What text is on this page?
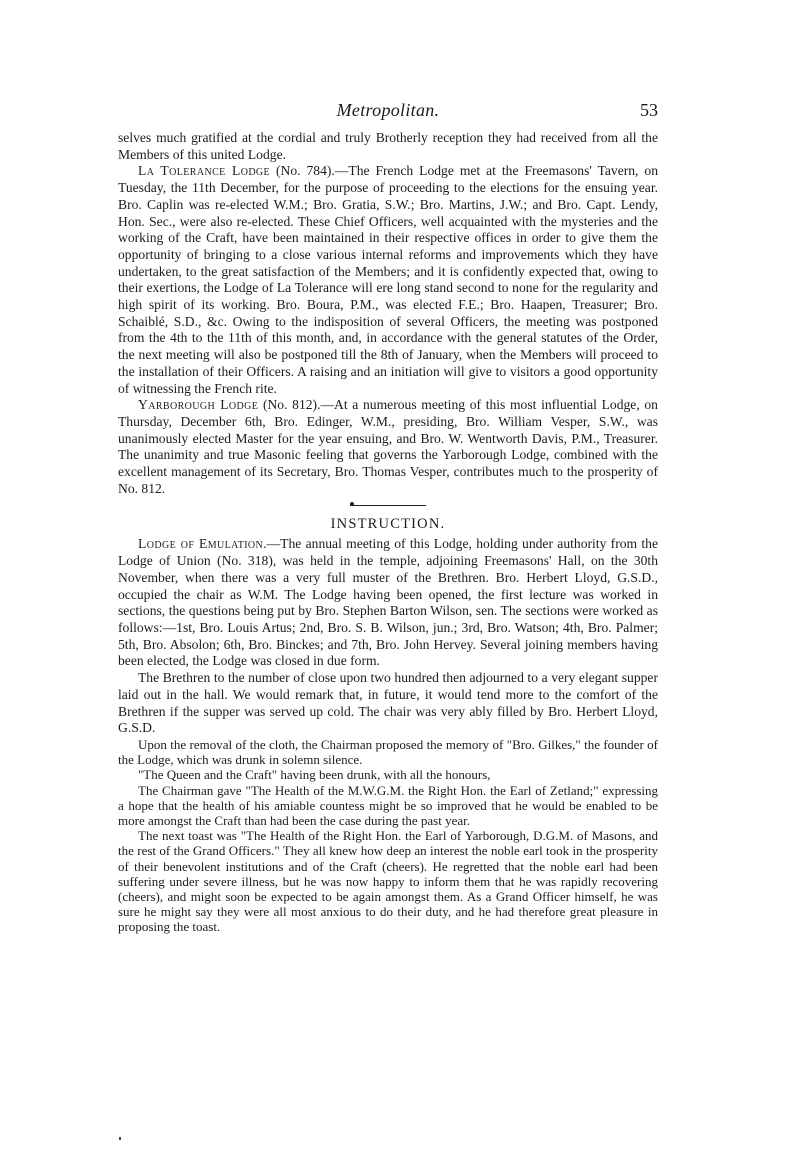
Metropolitan.	53

selves much gratified at the cordial and truly Brotherly reception they had received from all the Members of this united Lodge.

La Tolerance Lodge (No. 784).—The French Lodge met at the Freemasons' Tavern, on Tuesday, the 11th December, for the purpose of proceeding to the elections for the ensuing year. Bro. Caplin was re-elected W.M.; Bro. Gratia, S.W.; Bro. Martins, J.W.; and Bro. Capt. Lendy, Hon. Sec., were also re-elected. These Chief Officers, well acquainted with the mysteries and the working of the Craft, have been maintained in their respective offices in order to give them the opportunity of bringing to a close various internal reforms and improvements which they have undertaken, to the great satisfaction of the Members; and it is confidently expected that, owing to their exertions, the Lodge of La Tolerance will ere long stand second to none for the regularity and high spirit of its working. Bro. Boura, P.M., was elected F.E.; Bro. Haapen, Treasurer; Bro. Schaiblé, S.D., &c. Owing to the indisposition of several Officers, the meeting was postponed from the 4th to the 11th of this month, and, in accordance with the general statutes of the Order, the next meeting will also be postponed till the 8th of January, when the Members will proceed to the installation of their Officers. A raising and an initiation will give to visitors a good opportunity of witnessing the French rite.

Yarborough Lodge (No. 812).—At a numerous meeting of this most influential Lodge, on Thursday, December 6th, Bro. Edinger, W.M., presiding, Bro. William Vesper, S.W., was unanimously elected Master for the year ensuing, and Bro. W. Wentworth Davis, P.M., Treasurer. The unanimity and true Masonic feeling that governs the Yarborough Lodge, combined with the excellent management of its Secretary, Bro. Thomas Vesper, contributes much to the prosperity of No. 812.

INSTRUCTION.

Lodge of Emulation.—The annual meeting of this Lodge, holding under authority from the Lodge of Union (No. 318), was held in the temple, adjoining Freemasons' Hall, on the 30th November, when there was a very full muster of the Brethren. Bro. Herbert Lloyd, G.S.D., occupied the chair as W.M. The Lodge having been opened, the first lecture was worked in sections, the questions being put by Bro. Stephen Barton Wilson, sen. The sections were worked as follows:—1st, Bro. Louis Artus; 2nd, Bro. S. B. Wilson, jun.; 3rd, Bro. Watson; 4th, Bro. Palmer; 5th, Bro. Absolon; 6th, Bro. Binckes; and 7th, Bro. John Hervey. Several joining members having been elected, the Lodge was closed in due form.

The Brethren to the number of close upon two hundred then adjourned to a very elegant supper laid out in the hall. We would remark that, in future, it would tend more to the comfort of the Brethren if the supper was served up cold. The chair was very ably filled by Bro. Herbert Lloyd, G.S.D.

Upon the removal of the cloth, the Chairman proposed the memory of "Bro. Gilkes," the founder of the Lodge, which was drunk in solemn silence.

"The Queen and the Craft" having been drunk, with all the honours,

The Chairman gave "The Health of the M.W.G.M. the Right Hon. the Earl of Zetland;" expressing a hope that the health of his amiable countess might be so improved that he would be enabled to be more amongst the Craft than had been the case during the past year.

The next toast was "The Health of the Right Hon. the Earl of Yarborough, D.G.M. of Masons, and the rest of the Grand Officers." They all knew how deep an interest the noble earl took in the prosperity of their benevolent institutions and of the Craft (cheers). He regretted that the noble earl had been suffering under severe illness, but he was now happy to inform them that he was rapidly recovering (cheers), and might soon be expected to be again amongst them. As a Grand Officer himself, he was sure he might say they were all most anxious to do their duty, and he had therefore great pleasure in proposing the toast.
